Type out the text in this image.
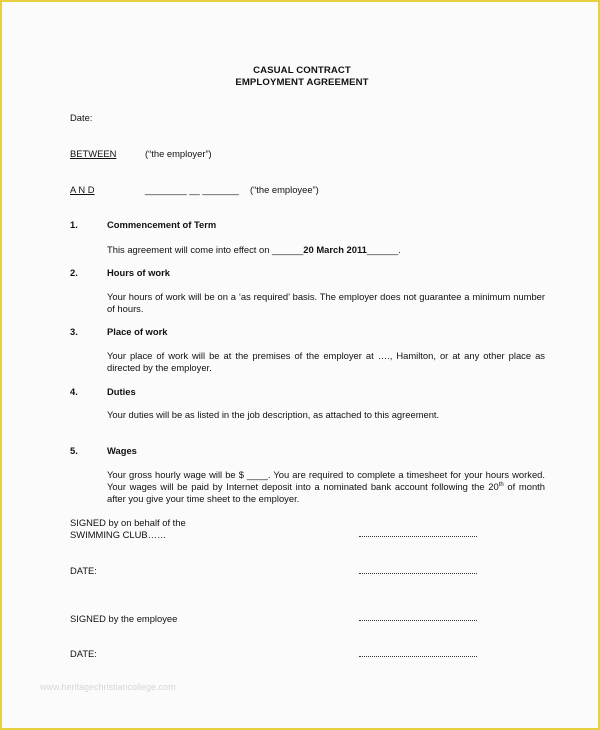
CASUAL CONTRACT
EMPLOYMENT AGREEMENT
Date:
BETWEEN	(“the employer”)
A N D	________ __ _______ (“the employee”)
1.	Commencement of Term
This agreement will come into effect on ______20 March 2011______.
2.	Hours of work
Your hours of work will be on a ‘as required’ basis. The employer does not guarantee a minimum number of hours.
3.	Place of work
Your place of work will be at the premises of the employer at …., Hamilton, or at any other place as directed by the employer.
4.	Duties
Your duties will be as listed in the job description, as attached to this agreement.
5.	Wages
Your gross hourly wage will be $ ____. You are required to complete a timesheet for your hours worked. Your wages will be paid by Internet deposit into a nominated bank account following the 20th of month after you give your time sheet to the employer.
SIGNED by on behalf of the
SWIMMING CLUB……
DATE:
SIGNED by the employee
DATE:
www.heritagechristiancollege.com
